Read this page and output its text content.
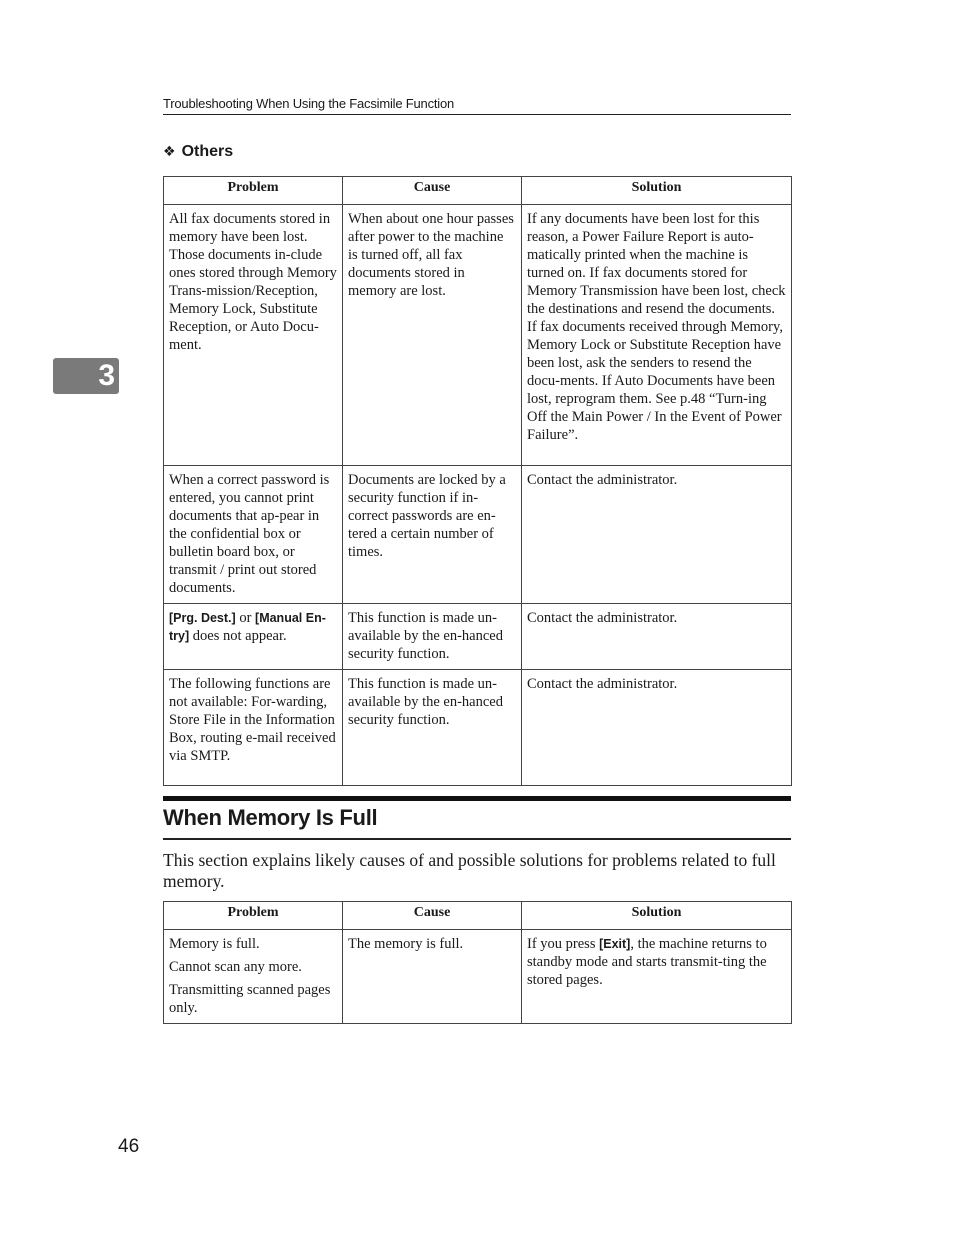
Troubleshooting When Using the Facsimile Function
❖ Others
3
Problem	Cause	Solution
All fax documents stored in memory have been lost. Those documents in-clude ones stored through Memory Trans-mission/Reception, Memory Lock, Substitute Reception, or Auto Docu-ment.	When about one hour passes after power to the machine is turned off, all fax documents stored in memory are lost.	If any documents have been lost for this reason, a Power Failure Report is auto-matically printed when the machine is turned on. If fax documents stored for Memory Transmission have been lost, check the destinations and resend the documents. If fax documents received through Memory, Memory Lock or Substitute Reception have been lost, ask the senders to resend the docu-ments. If Auto Documents have been lost, reprogram them. See p.48 “Turn-ing Off the Main Power / In the Event of Power Failure”.
When a correct password is entered, you cannot print documents that ap-pear in the confidential box or bulletin board box, or transmit / print out stored documents.	Documents are locked by a security function if in-correct passwords are en-tered a certain number of times.	Contact the administrator.
[Prg. Dest.] or [Manual En-try] does not appear.	This function is made un-available by the en-hanced security function.	Contact the administrator.
The following functions are not available: For-warding, Store File in the Information Box, routing e-mail received via SMTP.	This function is made un-available by the en-hanced security function.	Contact the administrator.
When Memory Is Full
This section explains likely causes of and possible solutions for problems related to full memory.
Problem	Cause	Solution

Memory is full.

Cannot scan any more.

Transmitting scanned pages only.	The memory is full.	If you press [Exit], the machine returns to standby mode and starts transmit-ting the stored pages.
46
